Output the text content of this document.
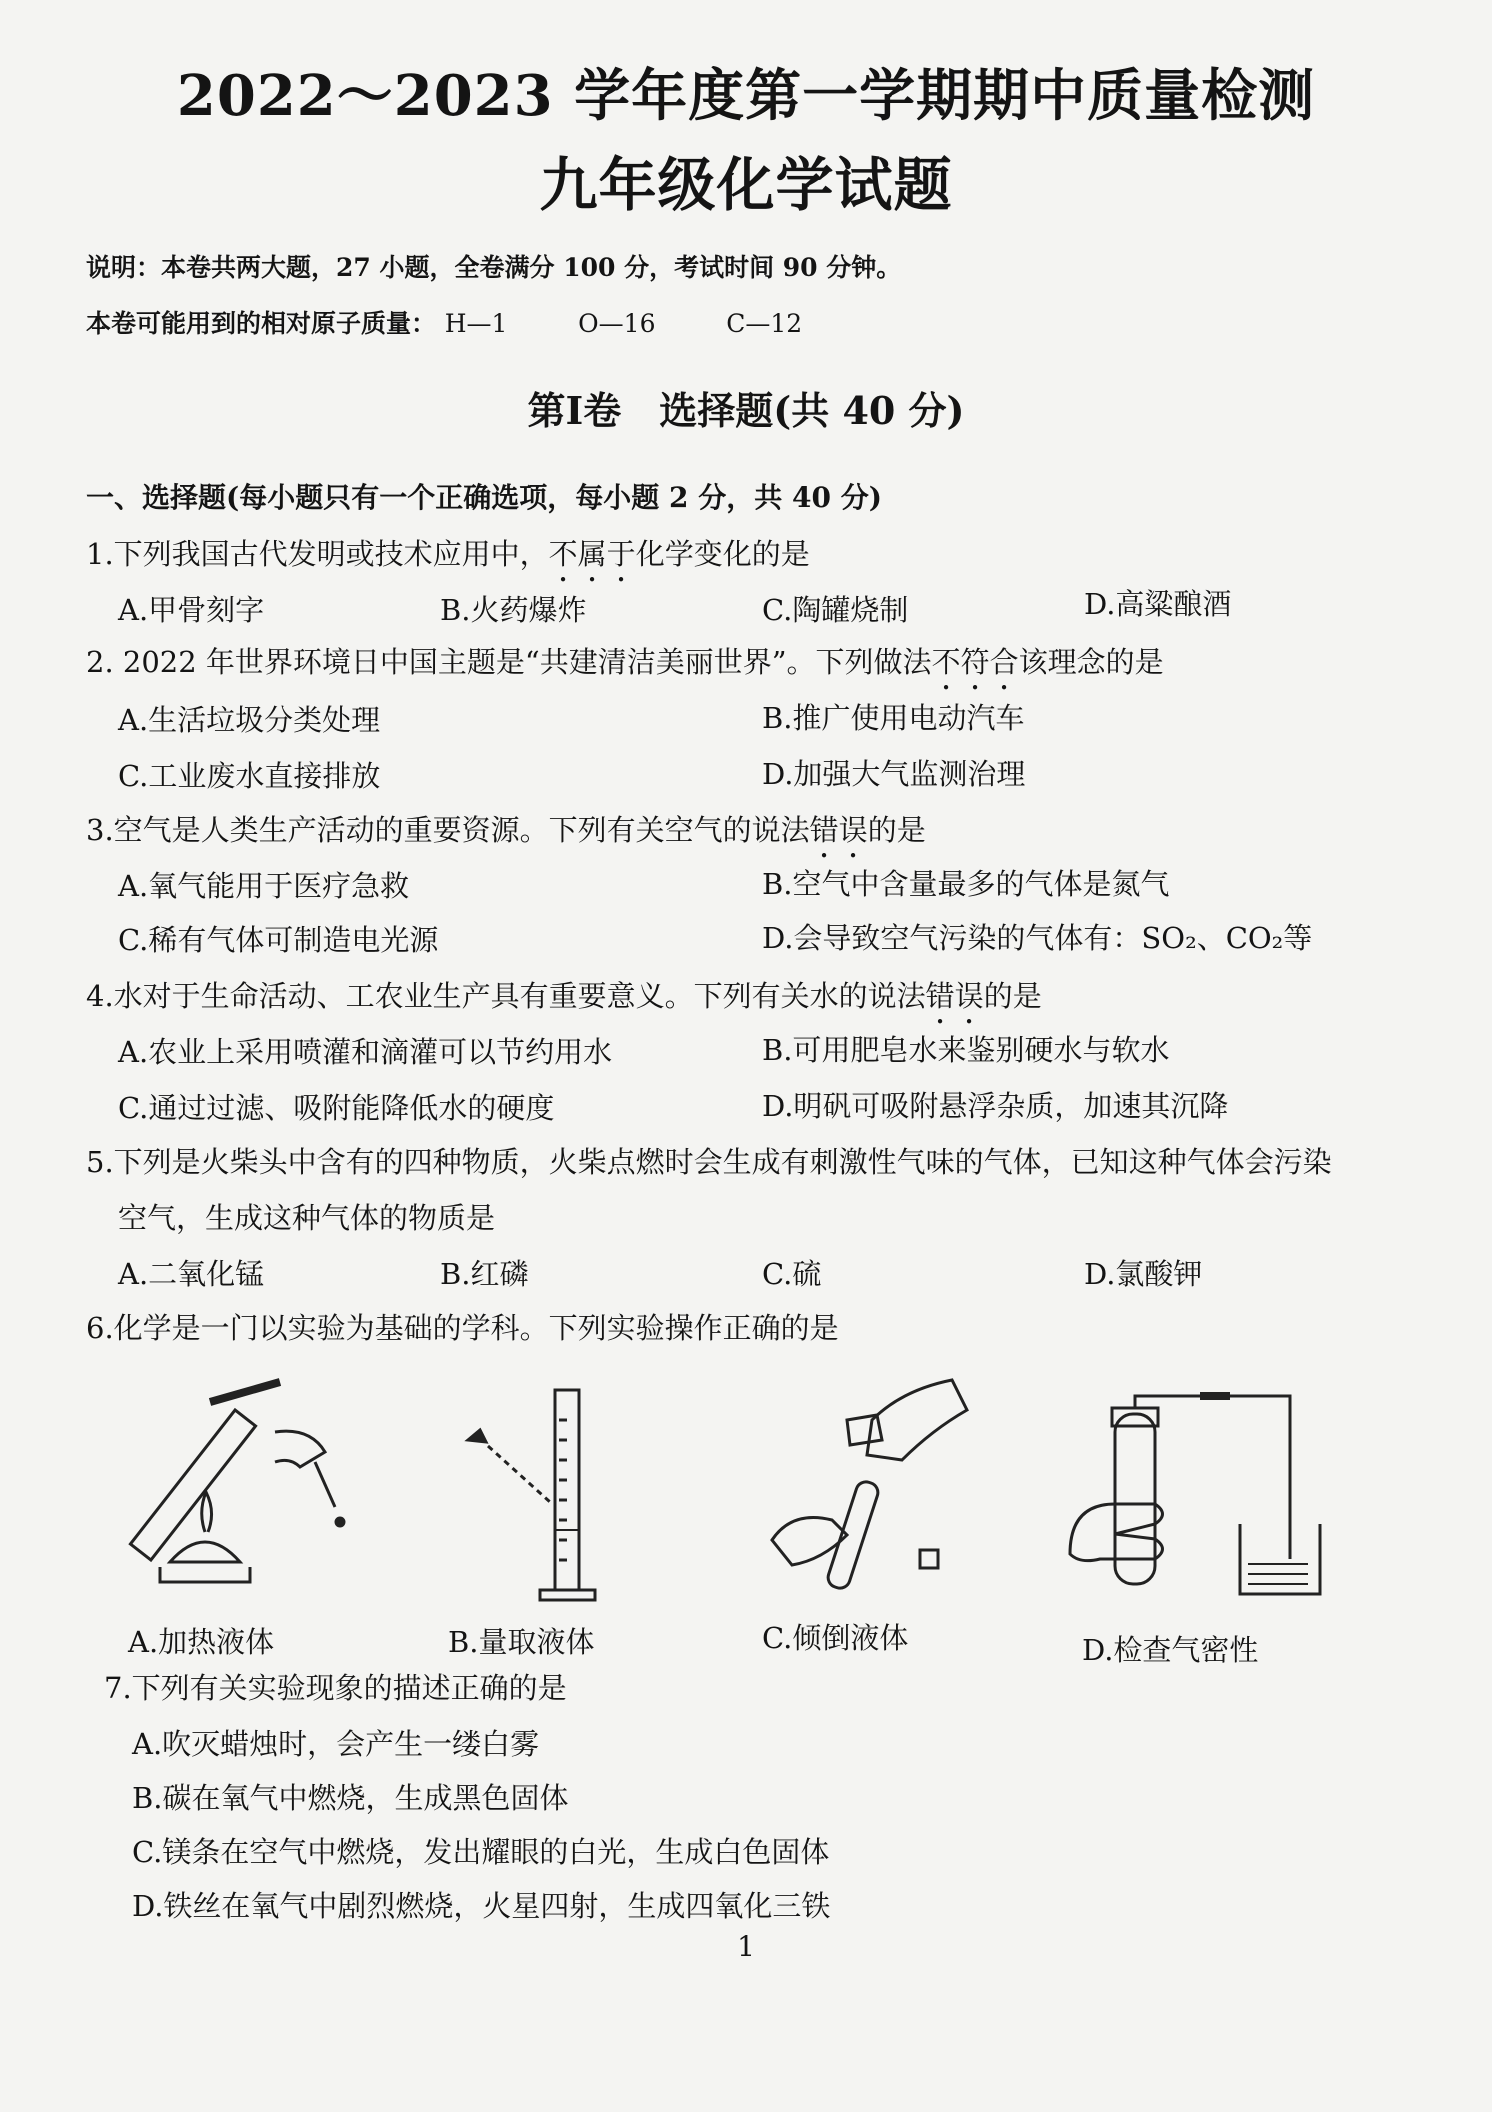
2022～2023 学年度第一学期期中质量检测
九年级化学试题
说明：本卷共两大题，27 小题，全卷满分 100 分，考试时间 90 分钟。
本卷可能用到的相对原子质量： H—1	O—16	C—12
第Ⅰ卷　选择题(共 40 分)
一、选择题(每小题只有一个正确选项，每小题 2 分，共 40 分)
1.下列我国古代发明或技术应用中，不属于化学变化的是
A.甲骨刻字	B.火药爆炸	C.陶罐烧制	D.高粱酿酒
2. 2022 年世界环境日中国主题是“共建清洁美丽世界”。下列做法不符合该理念的是
A.生活垃圾分类处理	B.推广使用电动汽车
C.工业废水直接排放	D.加强大气监测治理
3.空气是人类生产活动的重要资源。下列有关空气的说法错误的是
A.氧气能用于医疗急救	B.空气中含量最多的气体是氮气
C.稀有气体可制造电光源	D.会导致空气污染的气体有：SO₂、CO₂等
4.水对于生命活动、工农业生产具有重要意义。下列有关水的说法错误的是
A.农业上采用喷灌和滴灌可以节约用水	B.可用肥皂水来鉴别硬水与软水
C.通过过滤、吸附能降低水的硬度	D.明矾可吸附悬浮杂质，加速其沉降
5.下列是火柴头中含有的四种物质，火柴点燃时会生成有刺激性气味的气体，已知这种气体会污染
空气，生成这种气体的物质是
A.二氧化锰	B.红磷	C.硫	D.氯酸钾
6.化学是一门以实验为基础的学科。下列实验操作正确的是
A.加热液体	B.量取液体	C.倾倒液体	D.检查气密性
7.下列有关实验现象的描述正确的是
A.吹灭蜡烛时，会产生一缕白雾
B.碳在氧气中燃烧，生成黑色固体
C.镁条在空气中燃烧，发出耀眼的白光，生成白色固体
D.铁丝在氧气中剧烈燃烧，火星四射，生成四氧化三铁
1
